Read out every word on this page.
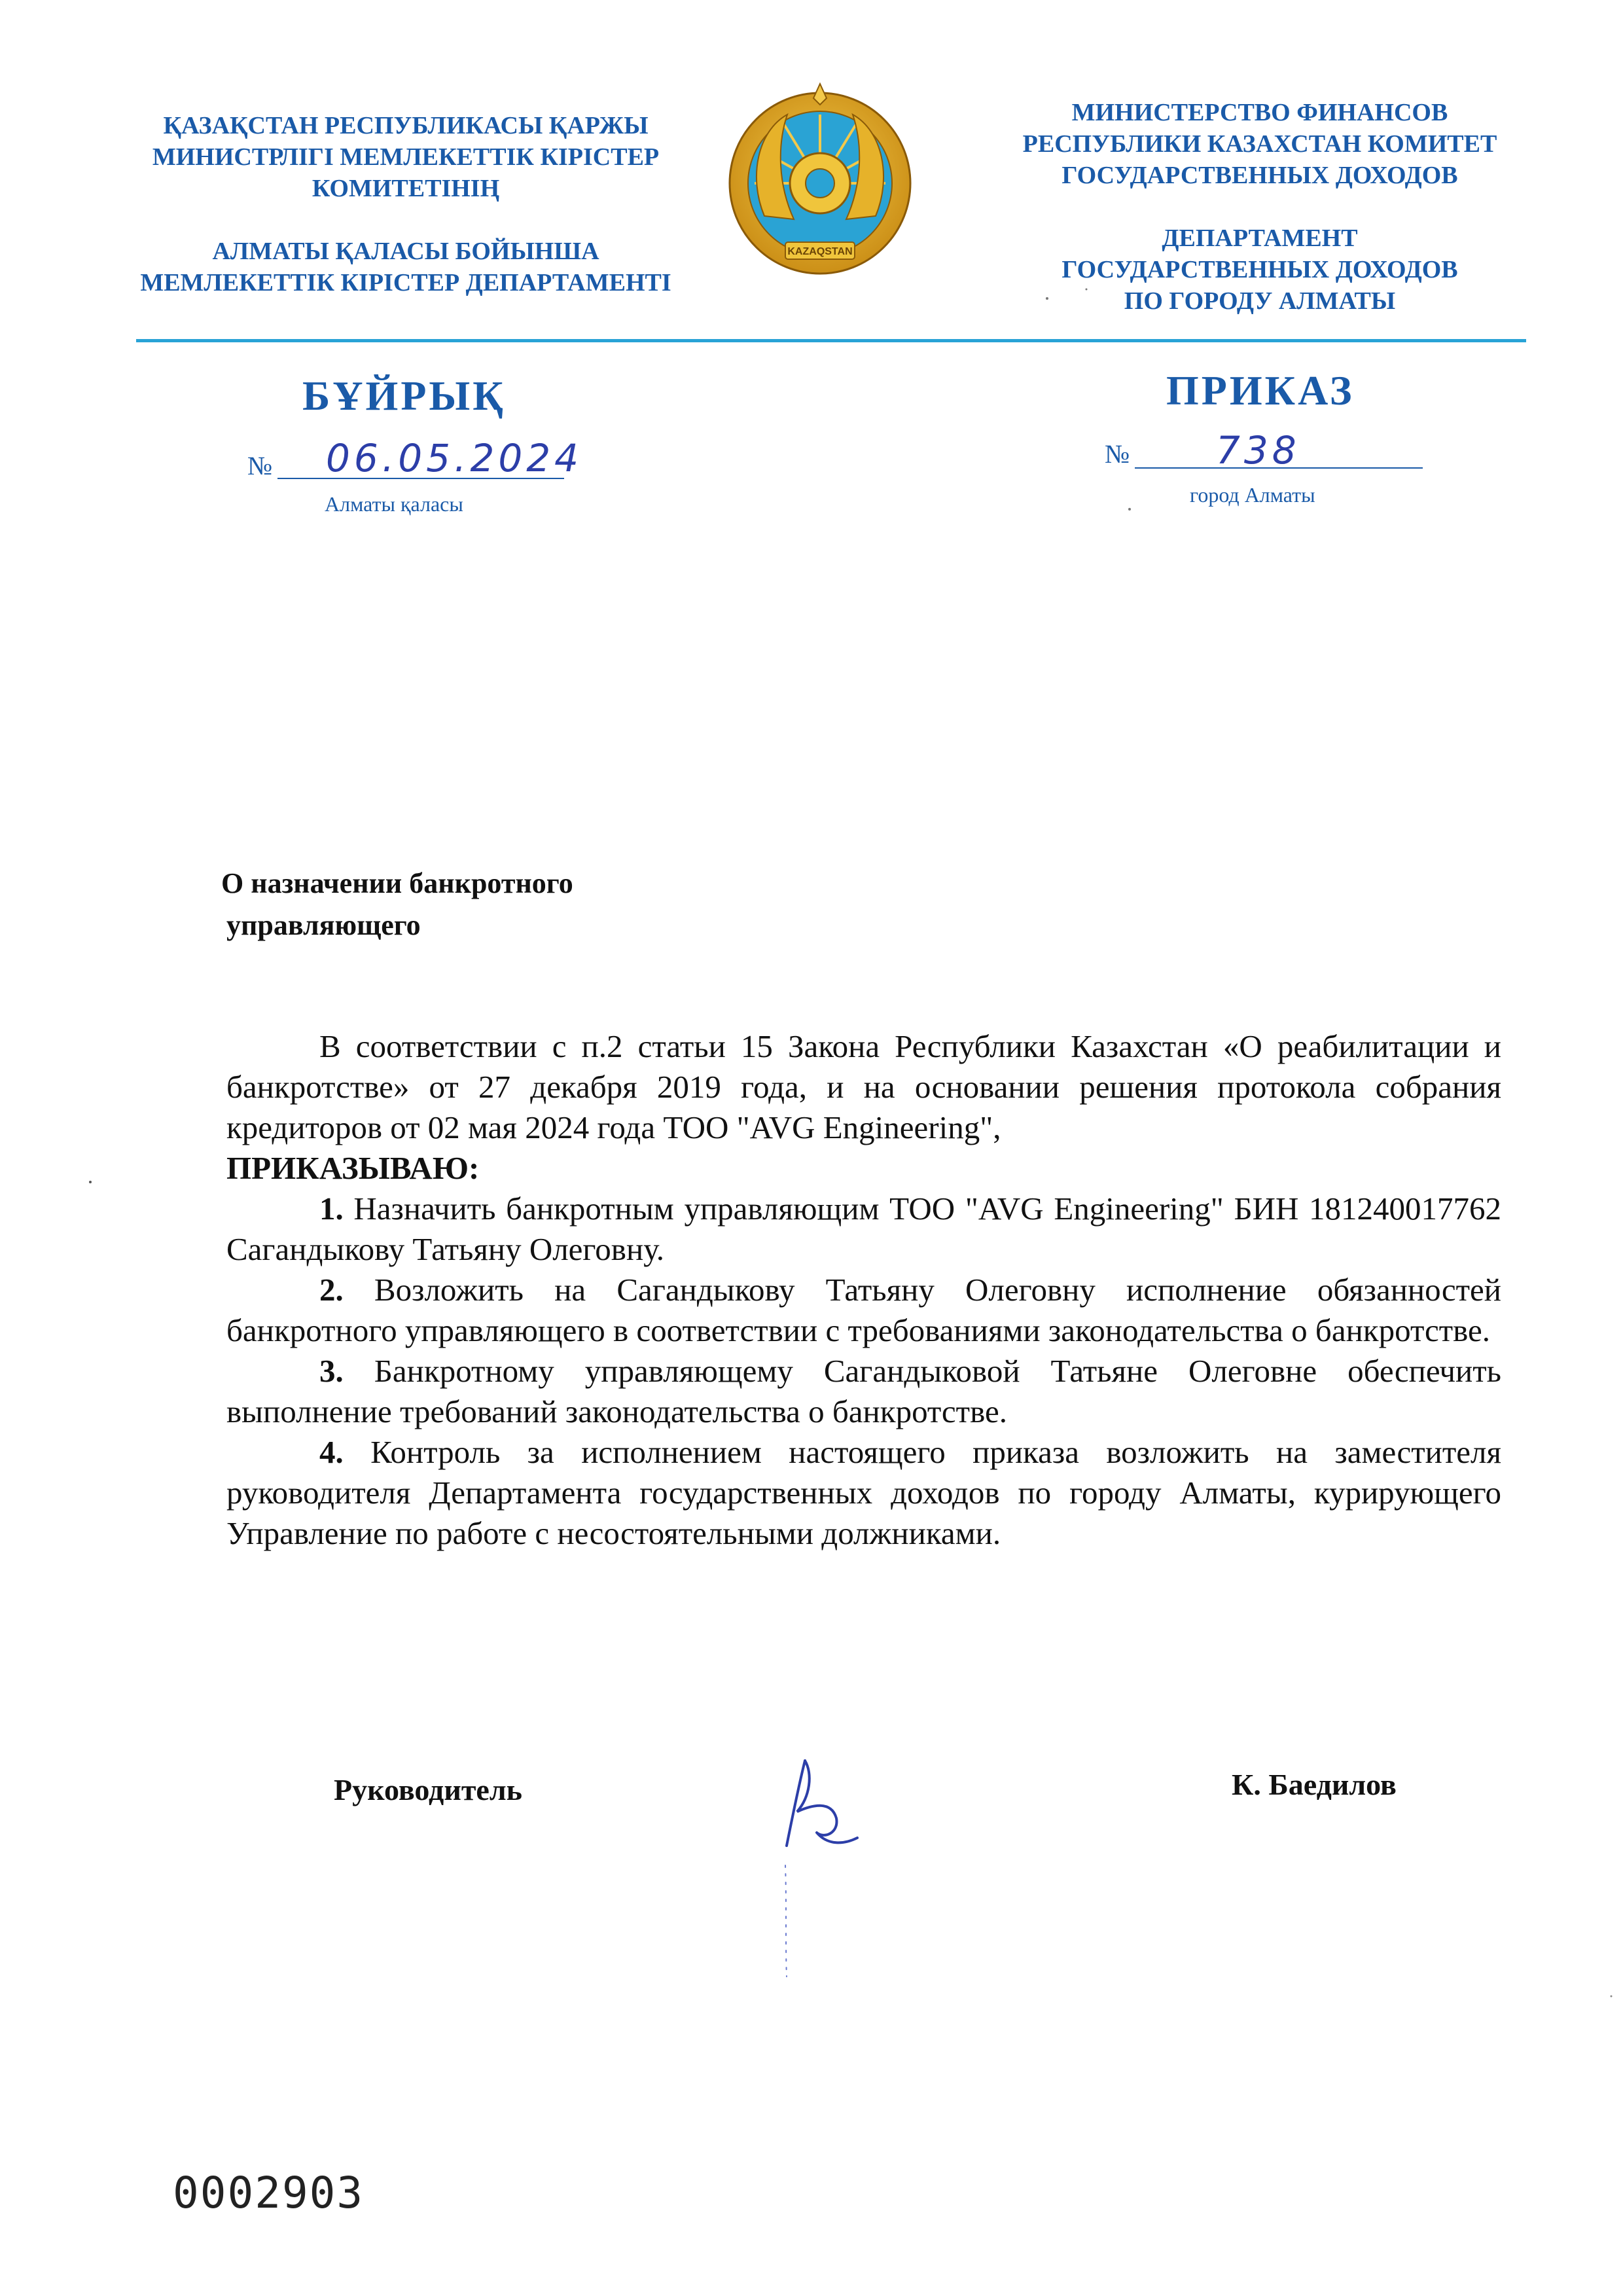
ҚАЗАҚСТАН РЕСПУБЛИКАСЫ ҚАРЖЫ
МИНИСТРЛІГІ МЕМЛЕКЕТТІК КІРІСТЕР
КОМИТЕТІНІҢ
АЛМАТЫ ҚАЛАСЫ БОЙЫНША
МЕМЛЕКЕТТІК КІРІСТЕР ДЕПАРТАМЕНТІ
KAZAQSTAN
МИНИСТЕРСТВО ФИНАНСОВ
РЕСПУБЛИКИ КАЗАХСТАН КОМИТЕТ
ГОСУДАРСТВЕННЫХ ДОХОДОВ
ДЕПАРТАМЕНТ
ГОСУДАРСТВЕННЫХ ДОХОДОВ
ПО ГОРОДУ АЛМАТЫ
БҰЙРЫҚ	ПРИКАЗ
№ 06.05.2024
Алматы қаласы
№ 738
город Алматы
О назначении банкротного
управляющего

В соответствии с п.2 статьи 15 Закона Республики Казахстан «О реабилитации и банкротстве» от 27 декабря 2019 года, и на основании решения протокола собрания кредиторов от 02 мая 2024 года ТОО "AVG Engineering",

ПРИКАЗЫВАЮ:

1. Назначить банкротным управляющим ТОО "AVG Engineering" БИН 181240017762 Сагандыкову Татьяну Олеговну.

2. Возложить на Сагандыкову Татьяну Олеговну исполнение обязанностей банкротного управляющего в соответствии с требованиями законодательства о банкротстве.

3. Банкротному управляющему Сагандыковой Татьяне Олеговне обеспечить выполнение требований законодательства о банкротстве.

4. Контроль за исполнением настоящего приказа возложить на заместителя руководителя Департамента государственных доходов по городу Алматы, курирующего Управление по работе с несостоятельными должниками.

Руководитель	К. Баедилов
0002903
